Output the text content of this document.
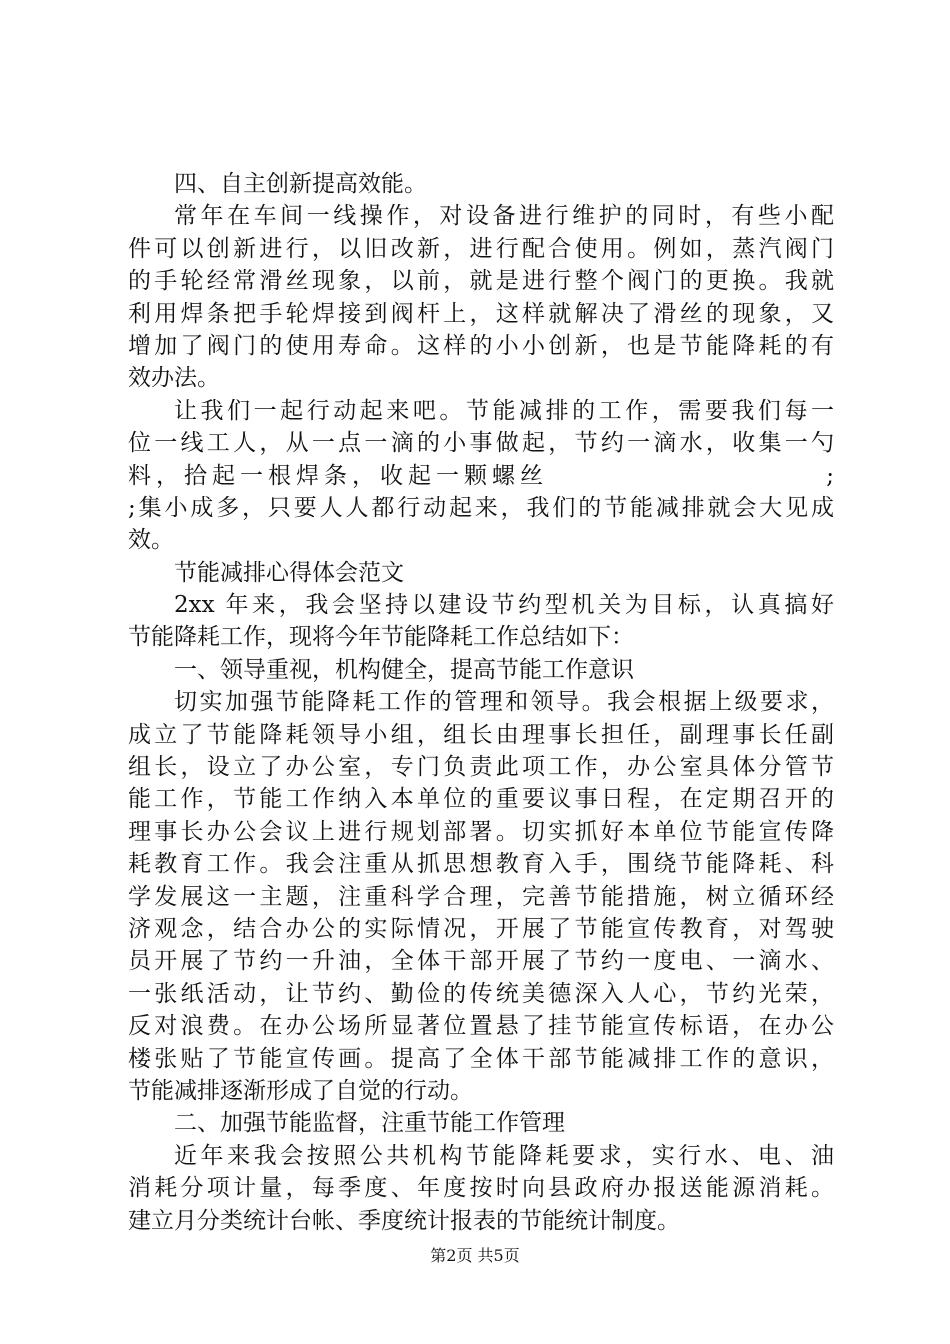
四、自主创新提高效能。
常年在车间一线操作，对设备进行维护的同时，有些小配
件可以创新进行，以旧改新，进行配合使用。例如，蒸汽阀门
的手轮经常滑丝现象，以前，就是进行整个阀门的更换。我就
利用焊条把手轮焊接到阀杆上，这样就解决了滑丝的现象，又
增加了阀门的使用寿命。这样的小小创新，也是节能降耗的有
效办法。
让我们一起行动起来吧。节能减排的工作，需要我们每一
位一线工人，从一点一滴的小事做起，节约一滴水，收集一勺
料，拾起一根焊条，收起一颗螺丝	;
;集小成多，只要人人都行动起来，我们的节能减排就会大见成
效。
节能减排心得体会范文
2xx 年来，我会坚持以建设节约型机关为目标，认真搞好
节能降耗工作，现将今年节能降耗工作总结如下：
一、领导重视，机构健全，提高节能工作意识
切实加强节能降耗工作的管理和领导。我会根据上级要求，
成立了节能降耗领导小组，组长由理事长担任，副理事长任副
组长，设立了办公室，专门负责此项工作，办公室具体分管节
能工作，节能工作纳入本单位的重要议事日程，在定期召开的
理事长办公会议上进行规划部署。切实抓好本单位节能宣传降
耗教育工作。我会注重从抓思想教育入手，围绕节能降耗、科
学发展这一主题，注重科学合理，完善节能措施，树立循环经
济观念，结合办公的实际情况，开展了节能宣传教育，对驾驶
员开展了节约一升油，全体干部开展了节约一度电、一滴水、
一张纸活动，让节约、勤俭的传统美德深入人心，节约光荣，
反对浪费。在办公场所显著位置悬了挂节能宣传标语，在办公
楼张贴了节能宣传画。提高了全体干部节能减排工作的意识，
节能减排逐渐形成了自觉的行动。
二、加强节能监督，注重节能工作管理
近年来我会按照公共机构节能降耗要求，实行水、电、油
消耗分项计量，每季度、年度按时向县政府办报送能源消耗。
建立月分类统计台帐、季度统计报表的节能统计制度。
第2页 共5页
